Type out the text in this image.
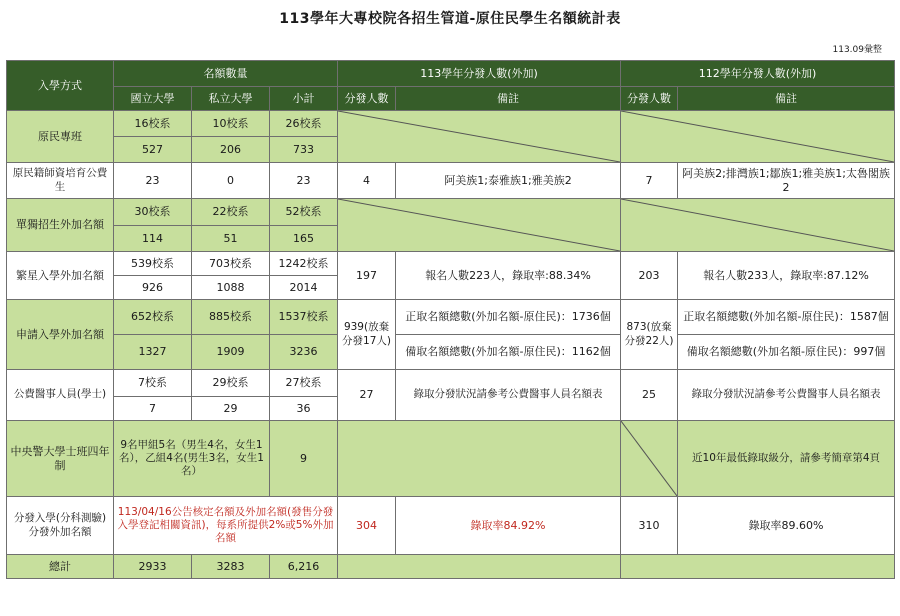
113學年大專校院各招生管道-原住民學生名額統計表
113.09彙整
入學方式	名額數量			113學年分發人數(外加)		112學年分發人數(外加)	
	國立大學	私立大學	小計	分發人數	備註	分發人數	備註
原民專班	16校系	10校系	26校系	

	527	206	733				
原民籍師資培育公費生	23	0	23	4	阿美族1;泰雅族1;雅美族2	7	阿美族2;排灣族1;鄒族1;雅美族1;太魯閣族2
單獨招生外加名額	30校系	22校系	52校系	

	114	51	165				
繁星入學外加名額	539校系	703校系	1242校系	197	報名人數223人，錄取率:88.34%	203	報名人數233人，錄取率:87.12%
	926	1088	2014				
申請入學外加名額	652校系	885校系	1537校系	939(放棄分發17人)	正取名額總數(外加名額-原住民)：1736個	873(放棄分發22人)	正取名額總數(外加名額-原住民)：1587個
	1327	1909	3236		備取名額總數(外加名額-原住民)：1162個		備取名額總數(外加名額-原住民)：997個
公費醫事人員(學士)	7校系	29校系	27校系	27	錄取分發狀況請參考公費醫事人員名額表	25	錄取分發狀況請參考公費醫事人員名額表
	7	29	36				
中央警大學士班四年制	9名甲組5名（男生4名，女生1名），乙組4名(男生3名，女生1名）		9				近10年最低錄取級分，請參考簡章第4頁
分發入學(分科測驗)分發外加名額	113/04/16公告核定名額及外加名額(發售分發入學登記相關資訊)，每系所提供2%或5%外加名額			304	錄取率84.92%	310	錄取率89.60%
總計	2933	3283	6,216				
